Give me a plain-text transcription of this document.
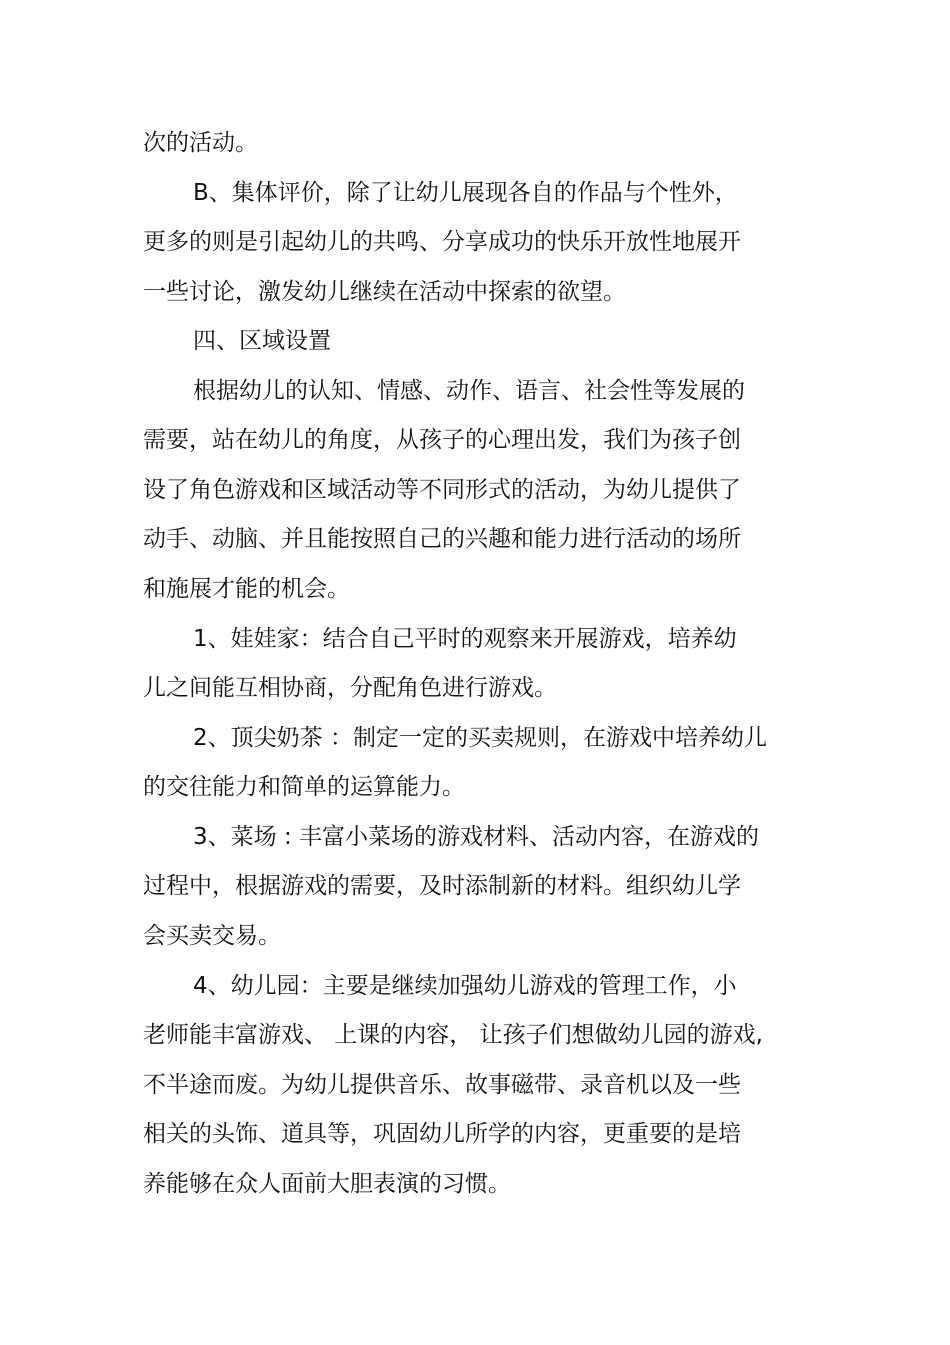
次的活动。
B、集体评价，除了让幼儿展现各自的作品与个性外，
更多的则是引起幼儿的共鸣、分享成功的快乐开放性地展开
一些讨论，激发幼儿继续在活动中探索的欲望。
四、区域设置
根据幼儿的认知、情感、动作、语言、社会性等发展的
需要，站在幼儿的角度，从孩子的心理出发，我们为孩子创
设了角色游戏和区域活动等不同形式的活动，为幼儿提供了
动手、动脑、并且能按照自己的兴趣和能力进行活动的场所
和施展才能的机会。
1、娃娃家：结合自己平时的观察来开展游戏，培养幼
儿之间能互相协商，分配角色进行游戏。
2、顶尖奶茶 ：制定一定的买卖规则，在游戏中培养幼儿
的交往能力和简单的运算能力。
3、菜场 : 丰富小菜场的游戏材料、活动内容，在游戏的
过程中，根据游戏的需要，及时添制新的材料。组织幼儿学
会买卖交易。
4、幼儿园：主要是继续加强幼儿游戏的管理工作，小
老师能丰富游戏、 上课的内容， 让孩子们想做幼儿园的游戏,
不半途而废。为幼儿提供音乐、故事磁带、录音机以及一些
相关的头饰、道具等，巩固幼儿所学的内容，更重要的是培
养能够在众人面前大胆表演的习惯。
